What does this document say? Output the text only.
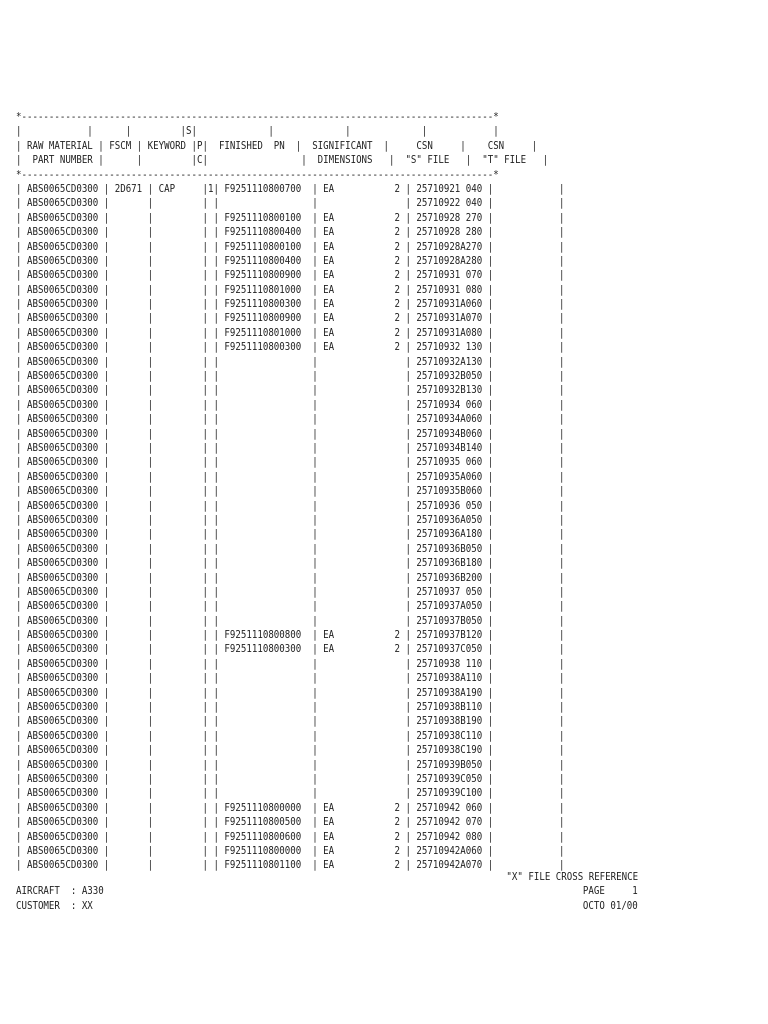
*--------------------------------------------------------------------------------------*
|            |      |         |S|             |             |             |            |
| RAW MATERIAL | FSCM | KEYWORD |P|  FINISHED  PN  |  SIGNIFICANT  |     CSN     |    CSN     |
|  PART NUMBER |      |         |C|                 |  DIMENSIONS   |  "S" FILE   |  "T" FILE   |
*--------------------------------------------------------------------------------------*
| ABS0065CD0300 | 2D671 | CAP     |1| F9251110800700  | EA           2 | 25710921 040 |            |
| ABS0065CD0300 |       |         | |                 |                | 25710922 040 |            |
| ABS0065CD0300 |       |         | | F9251110800100  | EA           2 | 25710928 270 |            |
| ABS0065CD0300 |       |         | | F9251110800400  | EA           2 | 25710928 280 |            |
| ABS0065CD0300 |       |         | | F9251110800100  | EA           2 | 25710928A270 |            |
| ABS0065CD0300 |       |         | | F9251110800400  | EA           2 | 25710928A280 |            |
| ABS0065CD0300 |       |         | | F9251110800900  | EA           2 | 25710931 070 |            |
| ABS0065CD0300 |       |         | | F9251110801000  | EA           2 | 25710931 080 |            |
| ABS0065CD0300 |       |         | | F9251110800300  | EA           2 | 25710931A060 |            |
| ABS0065CD0300 |       |         | | F9251110800900  | EA           2 | 25710931A070 |            |
| ABS0065CD0300 |       |         | | F9251110801000  | EA           2 | 25710931A080 |            |
| ABS0065CD0300 |       |         | | F9251110800300  | EA           2 | 25710932 130 |            |
| ABS0065CD0300 |       |         | |                 |                | 25710932A130 |            |
| ABS0065CD0300 |       |         | |                 |                | 25710932B050 |            |
| ABS0065CD0300 |       |         | |                 |                | 25710932B130 |            |
| ABS0065CD0300 |       |         | |                 |                | 25710934 060 |            |
| ABS0065CD0300 |       |         | |                 |                | 25710934A060 |            |
| ABS0065CD0300 |       |         | |                 |                | 25710934B060 |            |
| ABS0065CD0300 |       |         | |                 |                | 25710934B140 |            |
| ABS0065CD0300 |       |         | |                 |                | 25710935 060 |            |
| ABS0065CD0300 |       |         | |                 |                | 25710935A060 |            |
| ABS0065CD0300 |       |         | |                 |                | 25710935B060 |            |
| ABS0065CD0300 |       |         | |                 |                | 25710936 050 |            |
| ABS0065CD0300 |       |         | |                 |                | 25710936A050 |            |
| ABS0065CD0300 |       |         | |                 |                | 25710936A180 |            |
| ABS0065CD0300 |       |         | |                 |                | 25710936B050 |            |
| ABS0065CD0300 |       |         | |                 |                | 25710936B180 |            |
| ABS0065CD0300 |       |         | |                 |                | 25710936B200 |            |
| ABS0065CD0300 |       |         | |                 |                | 25710937 050 |            |
| ABS0065CD0300 |       |         | |                 |                | 25710937A050 |            |
| ABS0065CD0300 |       |         | |                 |                | 25710937B050 |            |
| ABS0065CD0300 |       |         | | F9251110800800  | EA           2 | 25710937B120 |            |
| ABS0065CD0300 |       |         | | F9251110800300  | EA           2 | 25710937C050 |            |
| ABS0065CD0300 |       |         | |                 |                | 25710938 110 |            |
| ABS0065CD0300 |       |         | |                 |                | 25710938A110 |            |
| ABS0065CD0300 |       |         | |                 |                | 25710938A190 |            |
| ABS0065CD0300 |       |         | |                 |                | 25710938B110 |            |
| ABS0065CD0300 |       |         | |                 |                | 25710938B190 |            |
| ABS0065CD0300 |       |         | |                 |                | 25710938C110 |            |
| ABS0065CD0300 |       |         | |                 |                | 25710938C190 |            |
| ABS0065CD0300 |       |         | |                 |                | 25710939B050 |            |
| ABS0065CD0300 |       |         | |                 |                | 25710939C050 |            |
| ABS0065CD0300 |       |         | |                 |                | 25710939C100 |            |
| ABS0065CD0300 |       |         | | F9251110800000  | EA           2 | 25710942 060 |            |
| ABS0065CD0300 |       |         | | F9251110800500  | EA           2 | 25710942 070 |            |
| ABS0065CD0300 |       |         | | F9251110800600  | EA           2 | 25710942 080 |            |
| ABS0065CD0300 |       |         | | F9251110800000  | EA           2 | 25710942A060 |            |
| ABS0065CD0300 |       |         | | F9251110801100  | EA           2 | 25710942A070 |            |
"X" FILE CROSS REFERENCE
AIRCRAFT  : A330	PAGE     1
CUSTOMER  : XX	OCTO 01/00
